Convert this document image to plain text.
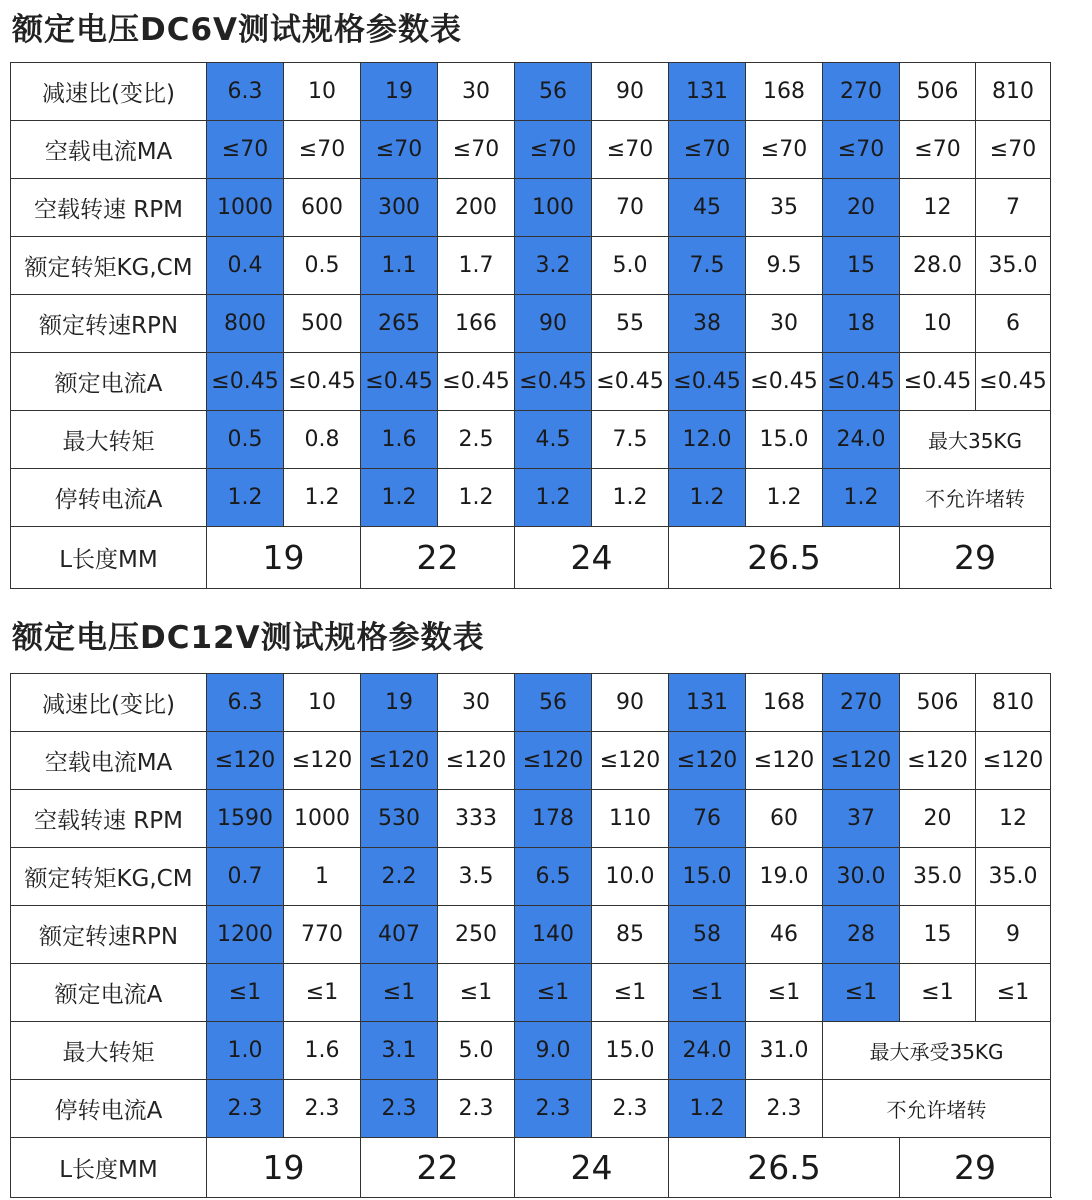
额定电压DC6V测试规格参数表
减速比(变比)	6.3	10	19	30	56	90	131	168	270	506	810
空载电流MA	≤70	≤70	≤70	≤70	≤70	≤70	≤70	≤70	≤70	≤70	≤70
空载转速 RPM	1000	600	300	200	100	70	45	35	20	12	7
额定转矩KG,CM	0.4	0.5	1.1	1.7	3.2	5.0	7.5	9.5	15	28.0	35.0
额定转速RPN	800	500	265	166	90	55	38	30	18	10	6
额定电流A	≤0.45	≤0.45	≤0.45	≤0.45	≤0.45	≤0.45	≤0.45	≤0.45	≤0.45	≤0.45	≤0.45
最大转矩	0.5	0.8	1.6	2.5	4.5	7.5	12.0	15.0	24.0	最大35KG	
停转电流A	1.2	1.2	1.2	1.2	1.2	1.2	1.2	1.2	1.2	不允许堵转	
L长度MM	19		22		24		26.5			29	
额定电压DC12V测试规格参数表
减速比(变比)	6.3	10	19	30	56	90	131	168	270	506	810
空载电流MA	≤120	≤120	≤120	≤120	≤120	≤120	≤120	≤120	≤120	≤120	≤120
空载转速 RPM	1590	1000	530	333	178	110	76	60	37	20	12
额定转矩KG,CM	0.7	1	2.2	3.5	6.5	10.0	15.0	19.0	30.0	35.0	35.0
额定转速RPN	1200	770	407	250	140	85	58	46	28	15	9
额定电流A	≤1	≤1	≤1	≤1	≤1	≤1	≤1	≤1	≤1	≤1	≤1
最大转矩	1.0	1.6	3.1	5.0	9.0	15.0	24.0	31.0	最大承受35KG		
停转电流A	2.3	2.3	2.3	2.3	2.3	2.3	1.2	2.3	不允许堵转		
L长度MM	19		22		24		26.5			29	
